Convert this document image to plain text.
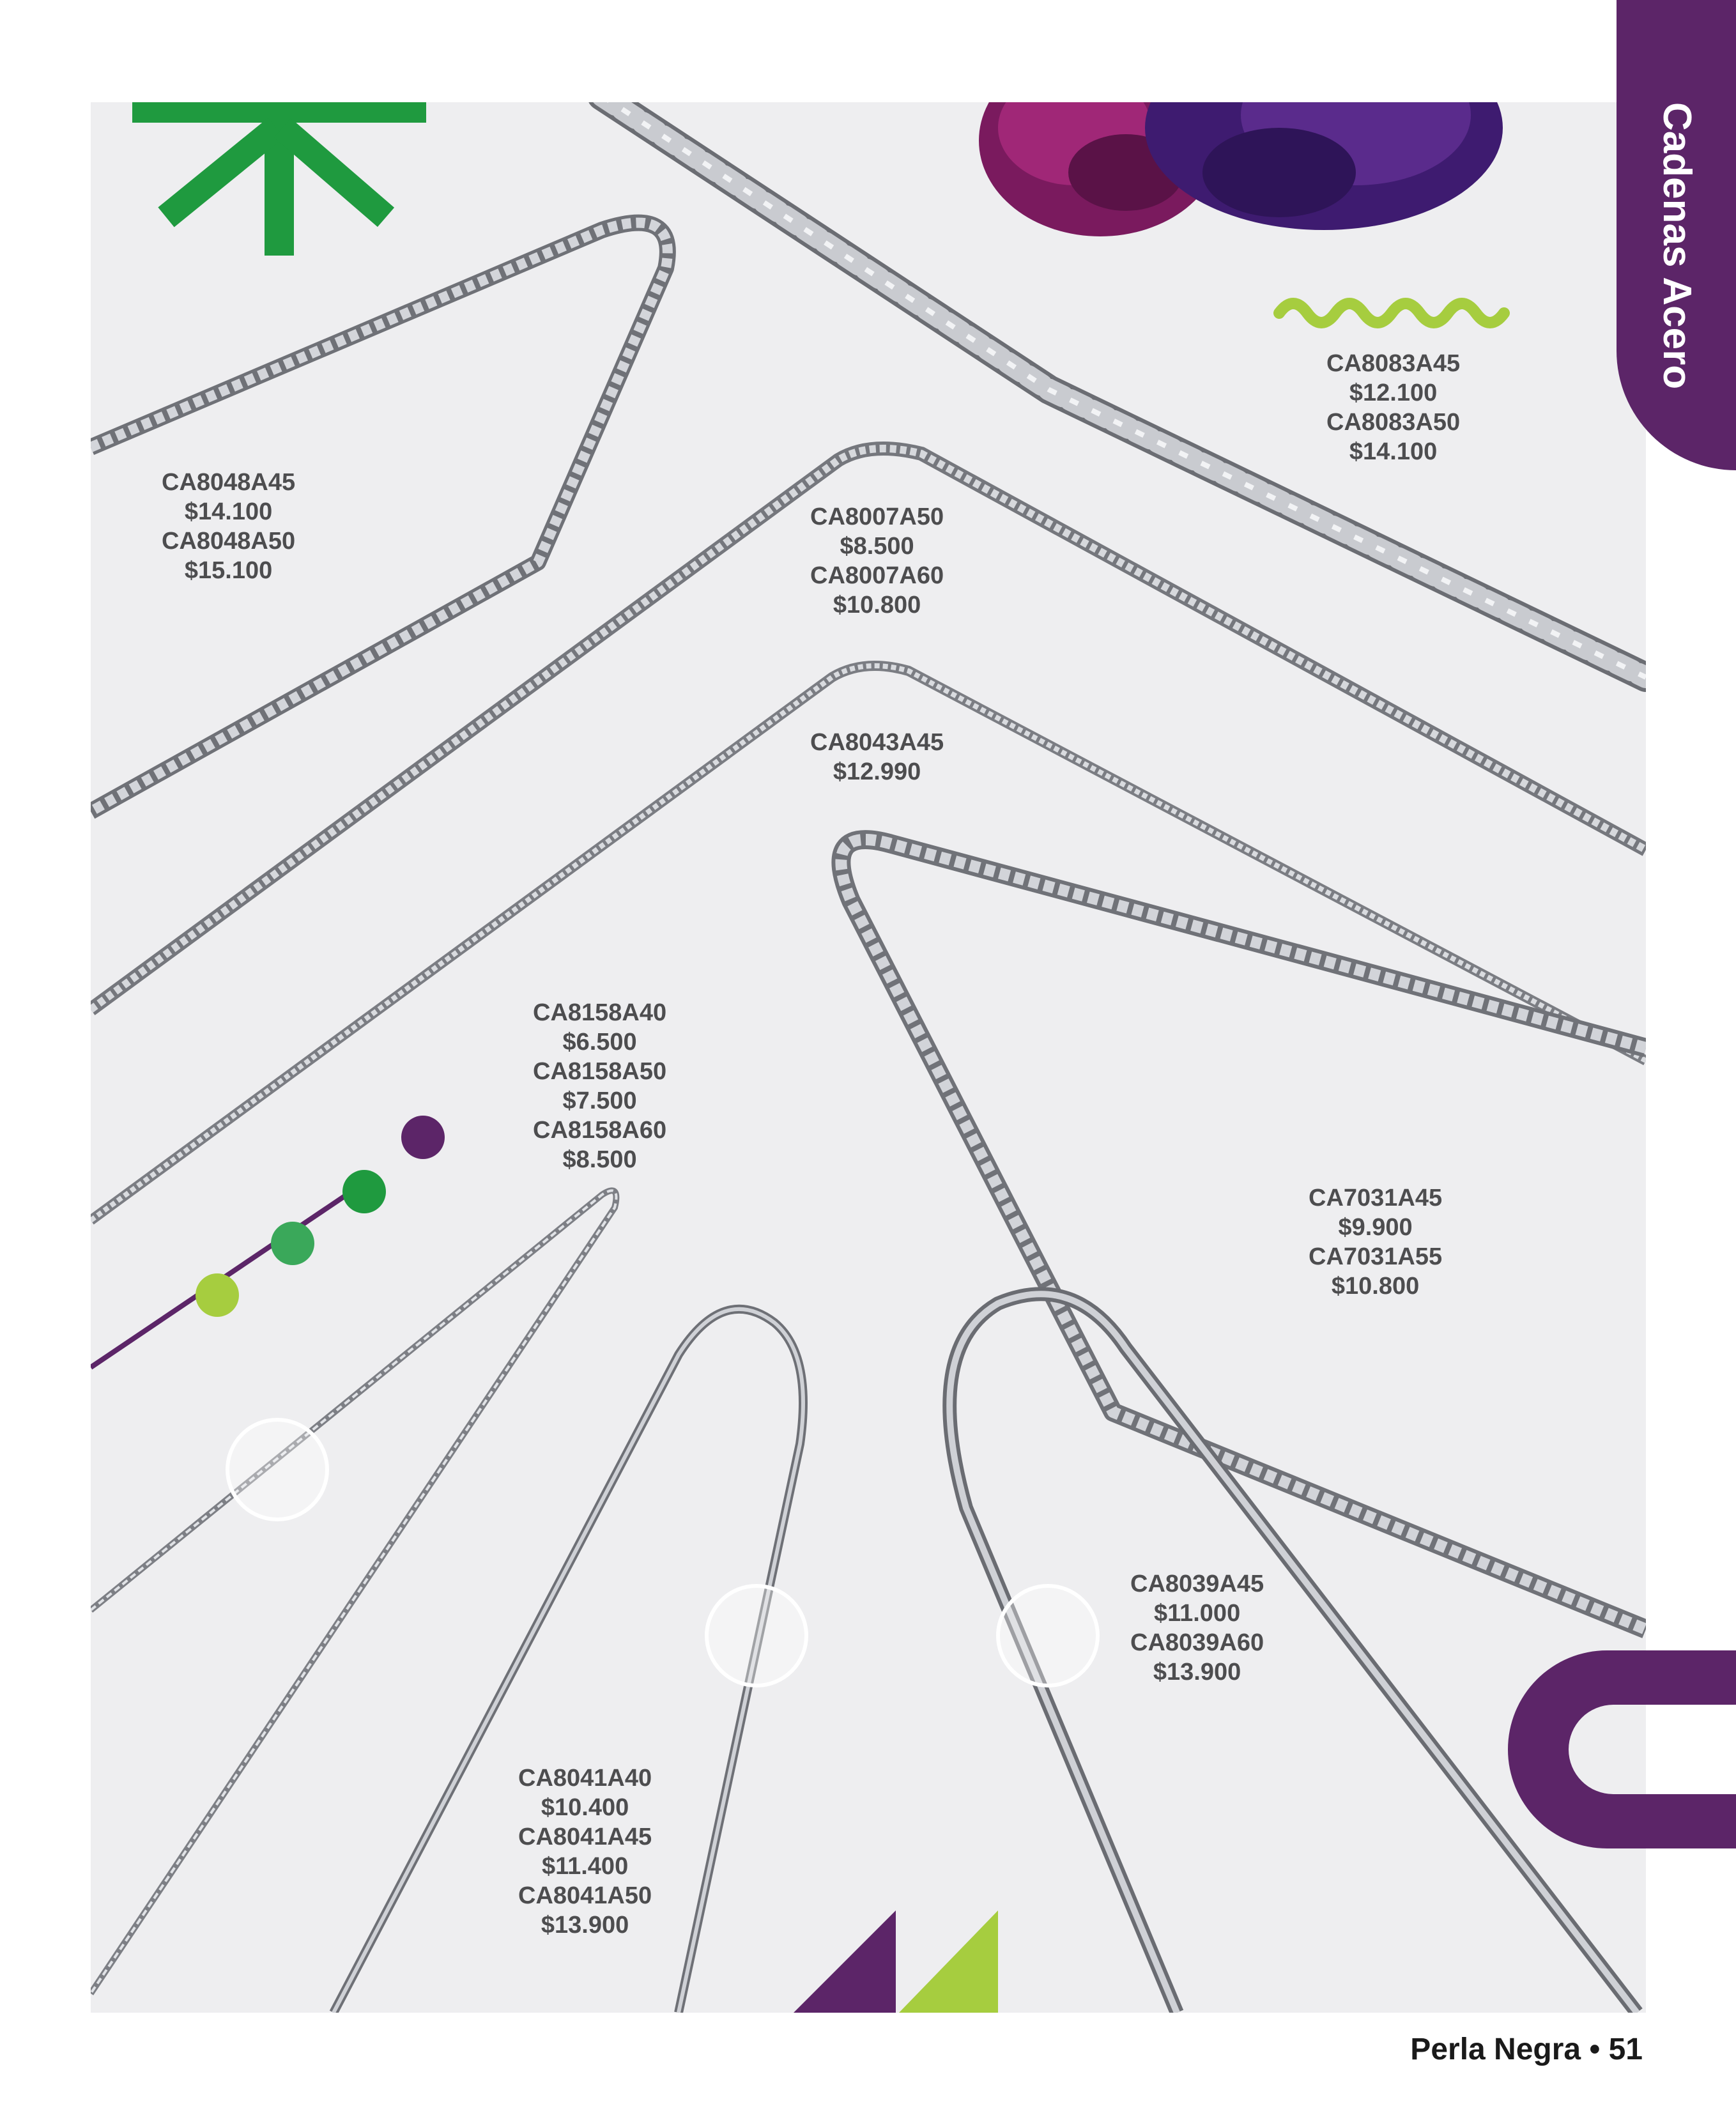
CA8048A45
$14.100
CA8048A50
$15.100
CA8083A45
$12.100
CA8083A50
$14.100
CA8007A50
$8.500
CA8007A60
$10.800
CA8043A45
$12.990
CA8158A40
$6.500
CA8158A50
$7.500
CA8158A60
$8.500
CA7031A45
$9.900
CA7031A55
$10.800
CA8039A45
$11.000
CA8039A60
$13.900
CA8041A40
$10.400
CA8041A45
$11.400
CA8041A50
$13.900
Cadenas Acero
Perla Negra • 51
